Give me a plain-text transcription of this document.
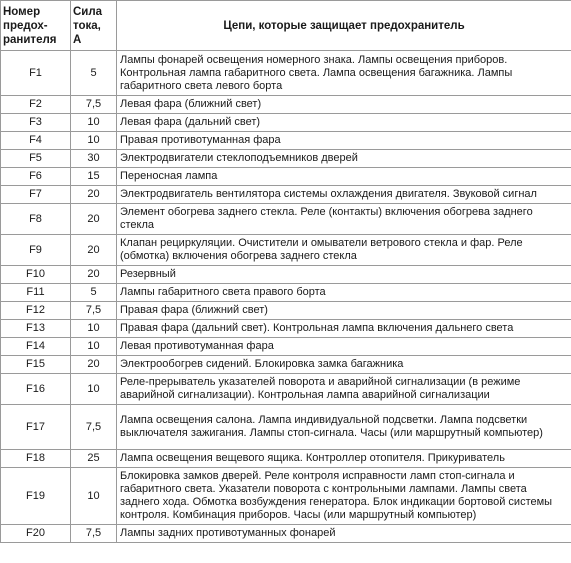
Номер
предох-
ранителя	Сила
тока,
А	Цепи, которые защищает предохранитель
F1	5	Лампы фонарей освещения номерного знака. Лампы освещения приборов. Контрольная лампа габаритного света. Лампа освещения багажника. Лампы габаритного света левого борта
F2	7,5	Левая фара (ближний свет)
F3	10	Левая фара (дальний свет)
F4	10	Правая противотуманная фара
F5	30	Электродвигатели стеклоподъемников дверей
F6	15	Переносная лампа
F7	20	Электродвигатель вентилятора системы охлаждения двигателя. Звуковой сигнал
F8	20	Элемент обогрева заднего стекла. Реле (контакты) включения обогрева заднего стекла
F9	20	Клапан рециркуляции. Очистители и омыватели ветрового стекла и фар. Реле (обмотка) включения обогрева заднего стекла
F10	20	Резервный
F11	5	Лампы габаритного света правого борта
F12	7,5	Правая фара (ближний свет)
F13	10	Правая фара (дальний свет). Контрольная лампа включения дальнего света
F14	10	Левая противотуманная фара
F15	20	Электрообогрев сидений. Блокировка замка багажника
F16	10	Реле-прерыватель указателей поворота и аварийной сигнализации (в режиме аварийной сигнализации). Контрольная лампа аварийной сигнализации
F17	7,5	Лампа освещения салона. Лампа индивидуальной подсветки. Лампа подсветки выключателя зажигания. Лампы стоп-сигнала. Часы (или маршрутный компьютер)
F18	25	Лампа освещения вещевого ящика. Контроллер отопителя. Прикуриватель
F19	10	Блокировка замков дверей. Реле контроля исправности ламп стоп-сигнала и габаритного света. Указатели поворота с контрольными лампами. Лампы света заднего хода. Обмотка возбуждения генератора. Блок индикации бортовой системы контроля. Комбинация приборов. Часы (или маршрутный компьютер)
F20	7,5	Лампы задних противотуманных фонарей
